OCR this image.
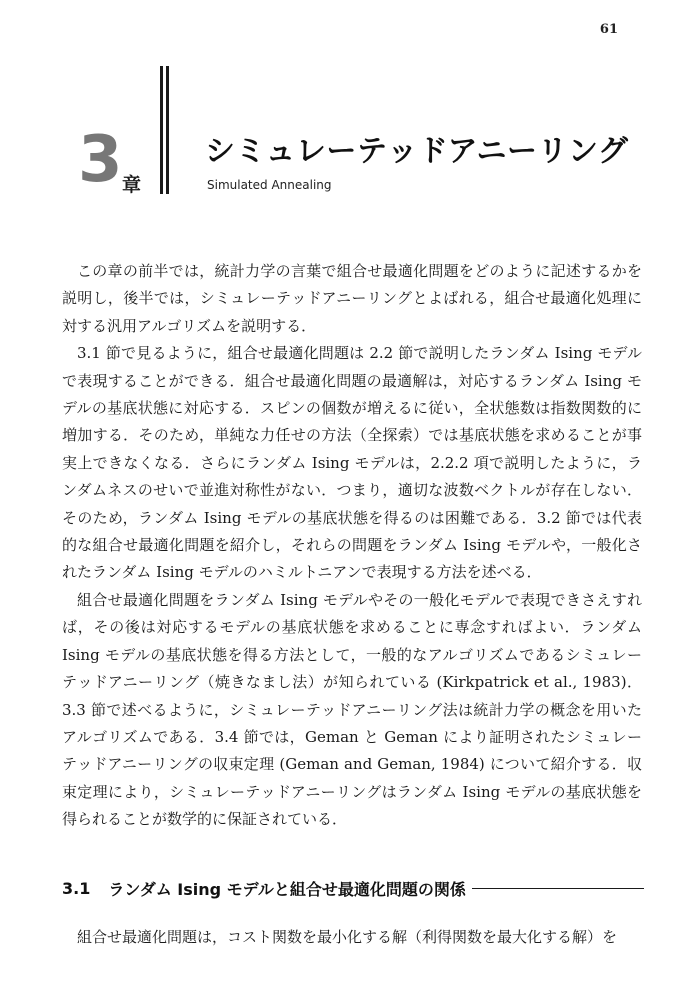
61
3 章
シミュレーテッドアニーリング
Simulated Annealing

この章の前半では，統計力学の言葉で組合せ最適化問題をどのように記述するかを説明し，後半では，シミュレーテッドアニーリングとよばれる，組合せ最適化処理に対する汎用アルゴリズムを説明する．

3.1 節で見るように，組合せ最適化問題は 2.2 節で説明したランダム Ising モデルで表現することができる．組合せ最適化問題の最適解は，対応するランダム Ising モデルの基底状態に対応する．スピンの個数が増えるに従い，全状態数は指数関数的に増加する．そのため，単純な力任せの方法（全探索）では基底状態を求めることが事実上できなくなる．さらにランダム Ising モデルは，2.2.2 項で説明したように，ランダムネスのせいで並進対称性がない．つまり，適切な波数ベクトルが存在しない．そのため，ランダム Ising モデルの基底状態を得るのは困難である．3.2 節では代表的な組合せ最適化問題を紹介し，それらの問題をランダム Ising モデルや，一般化されたランダム Ising モデルのハミルトニアンで表現する方法を述べる．

組合せ最適化問題をランダム Ising モデルやその一般化モデルで表現できさえすれば，その後は対応するモデルの基底状態を求めることに専念すればよい．ランダム Ising モデルの基底状態を得る方法として，一般的なアルゴリズムであるシミュレーテッドアニーリング（焼きなまし法）が知られている (Kirkpatrick et al., 1983)．3.3 節で述べるように，シミュレーテッドアニーリング法は統計力学の概念を用いたアルゴリズムである．3.4 節では，Geman と Geman により証明されたシミュレーテッドアニーリングの収束定理 (Geman and Geman, 1984) について紹介する．収束定理により，シミュレーテッドアニーリングはランダム Ising モデルの基底状態を得られることが数学的に保証されている．

3.1 ランダム Ising モデルと組合せ最適化問題の関係

組合せ最適化問題は，コスト関数を最小化する解（利得関数を最大化する解）を
